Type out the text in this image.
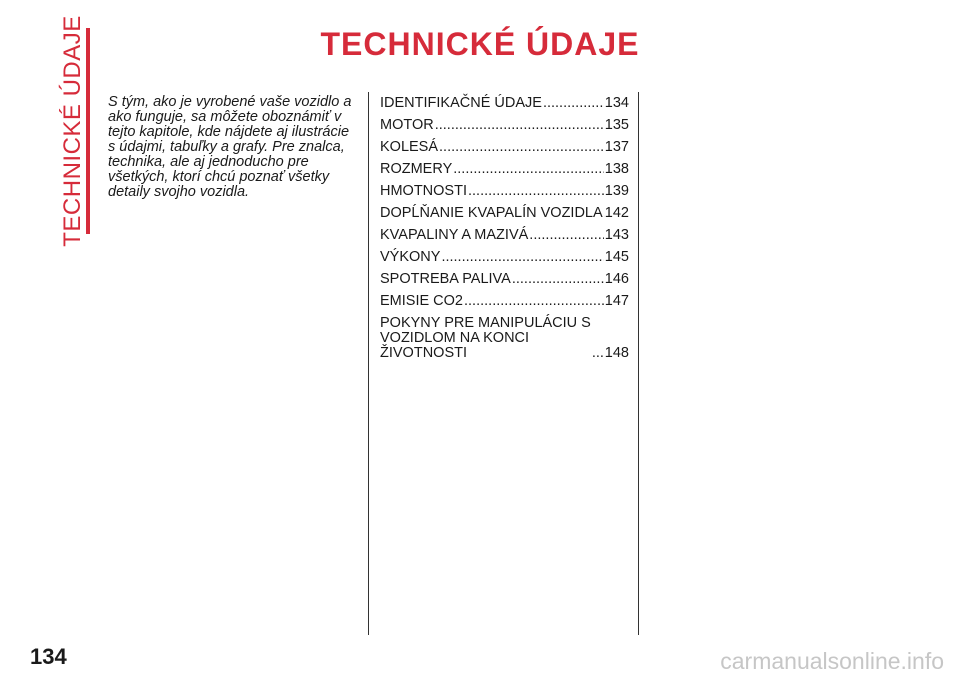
TECHNICKÉ ÚDAJE	TECHNICKÉ ÚDAJE

S tým, ako je vyrobené vaše vozidlo a ako funguje, sa môžete oboznámiť v tejto kapitole, kde nájdete aj ilustrácie s údajmi, tabuľky a grafy. Pre znalca, technika, ale aj jednoducho pre všetkých, ktorí chcú poznať všetky detaily svojho vozidla.

IDENTIFIKAČNÉ ÚDAJE .....	134
MOTOR .....	135
KOLESÁ .....	137
ROZMERY .....	138
HMOTNOSTI .....	139
DOPĹŇANIE KVAPALÍN VOZIDLA ..... 142
KVAPALINY A MAZIVÁ .....	143
VÝKONY .....	145
SPOTREBA PALIVA .....	146
EMISIE CO2 .....	147
POKYNY PRE MANIPULÁCIU S
VOZIDLOM NA KONCI
ŽIVOTNOSTI .....	148

134	carmanualsonline.info
